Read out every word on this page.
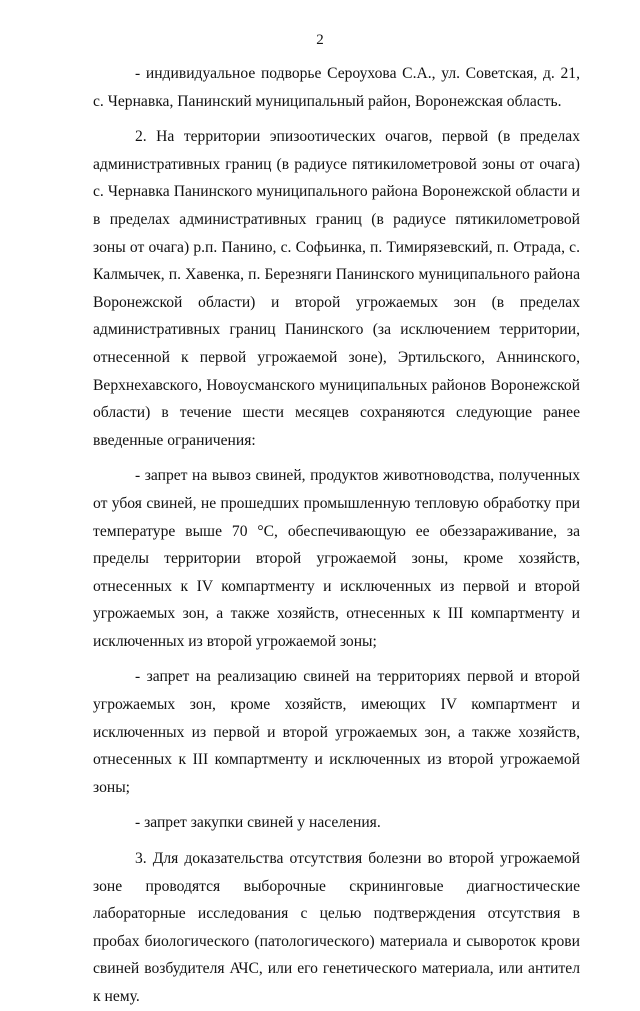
2

- индивидуальное подворье Сероухова С.А., ул. Советская, д. 21, с. Чернавка, Панинский муниципальный район, Воронежская область.

2. На территории эпизоотических очагов, первой (в пределах административных границ (в радиусе пятикилометровой зоны от очага) с. Чернавка Панинского муниципального района Воронежской области и в пределах административных границ (в радиусе пятикилометровой зоны от очага) р.п. Панино, с. Софьинка, п. Тимирязевский, п. Отрада, с. Калмычек, п. Хавенка, п. Березняги Панинского муниципального района Воронежской области) и второй угрожаемых зон (в пределах административных границ Панинского (за исключением территории, отнесенной к первой угрожаемой зоне), Эртильского, Аннинского, Верхнехавского, Новоусманского муниципальных районов Воронежской области) в течение шести месяцев сохраняются следующие ранее введенные ограничения:

- запрет на вывоз свиней, продуктов животноводства, полученных от убоя свиней, не прошедших промышленную тепловую обработку при температуре выше 70 °С, обеспечивающую ее обеззараживание, за пределы территории второй угрожаемой зоны, кроме хозяйств, отнесенных к IV компартменту и исключенных из первой и второй угрожаемых зон, а также хозяйств, отнесенных к III компартменту и исключенных из второй угрожаемой зоны;

- запрет на реализацию свиней на территориях первой и второй угрожаемых зон, кроме хозяйств, имеющих IV компартмент и исключенных из первой и второй угрожаемых зон, а также хозяйств, отнесенных к III компартменту и исключенных из второй угрожаемой зоны;

- запрет закупки свиней у населения.

3. Для доказательства отсутствия болезни во второй угрожаемой зоне проводятся выборочные скрининговые диагностические лабораторные исследования с целью подтверждения отсутствия в пробах биологического (патологического) материала и сывороток крови свиней возбудителя АЧС, или его генетического материала, или антител к нему.
